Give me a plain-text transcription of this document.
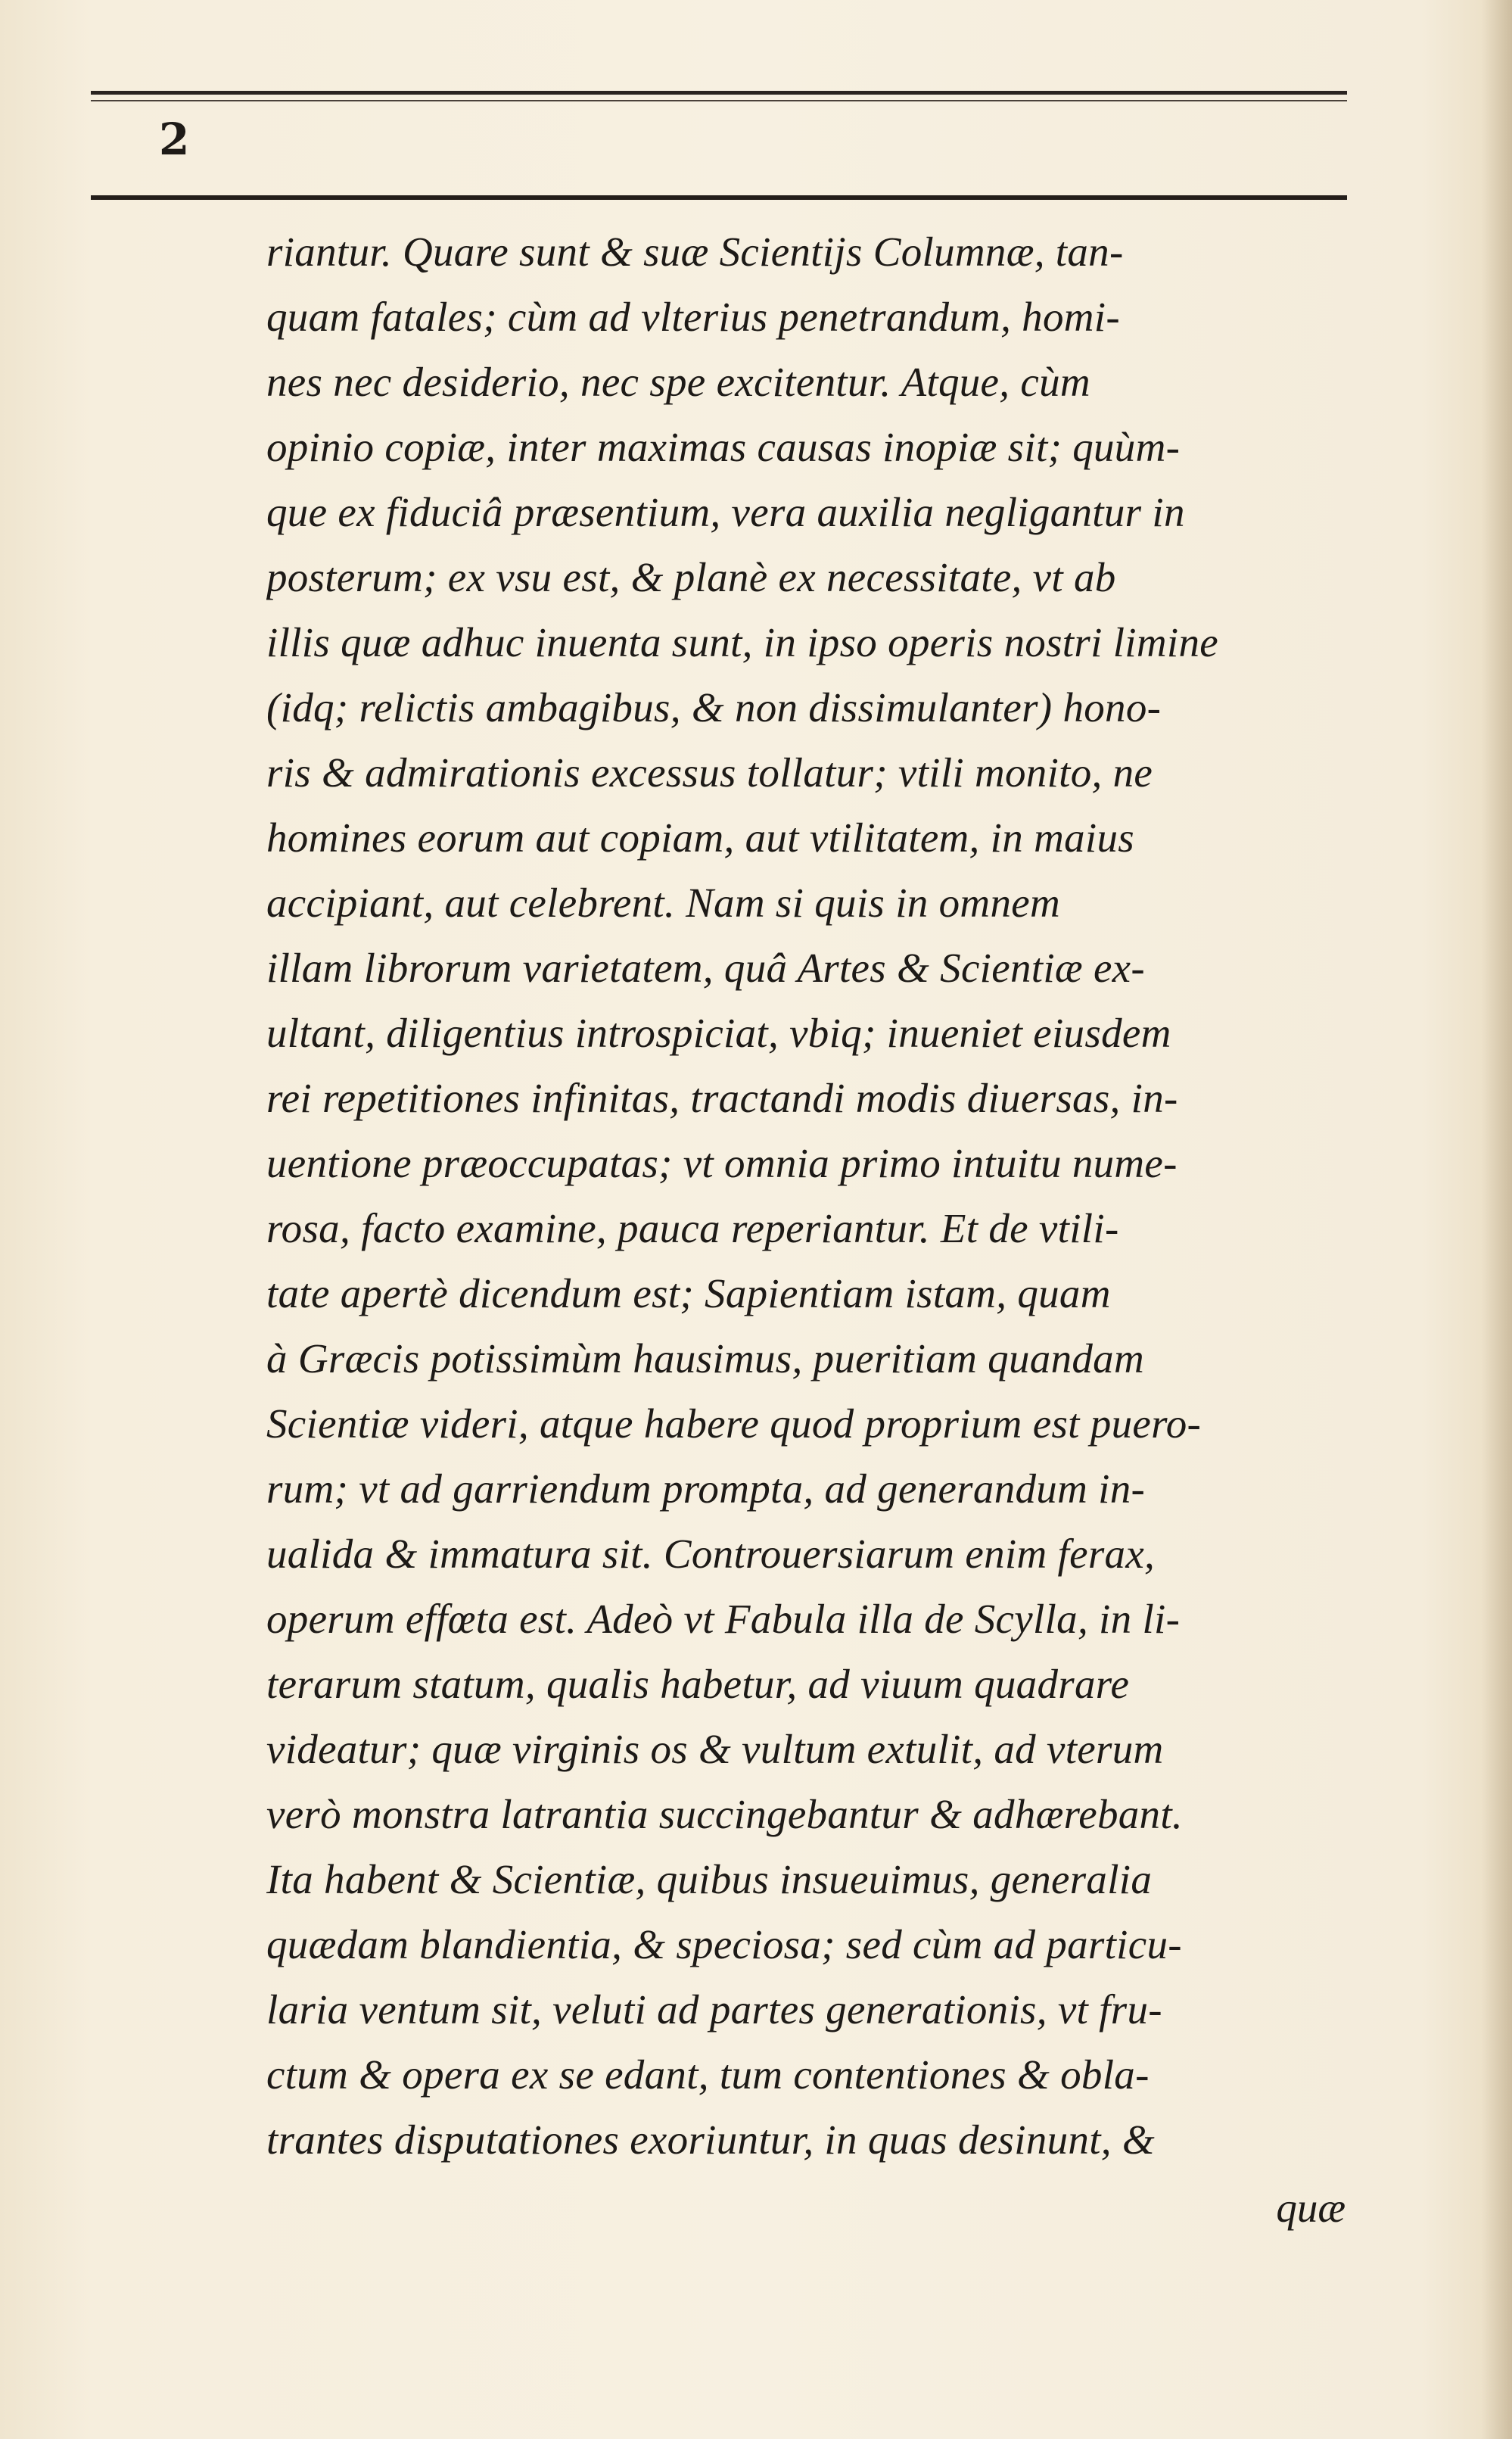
2
riantur. Quare sunt & suæ Scientijs Columnæ, tan-
quam fatales; cùm ad vlterius penetrandum, homi-
nes nec desiderio, nec spe excitentur. Atque, cùm
opinio copiæ, inter maximas causas inopiæ sit; quùm-
que ex fiduciâ præsentium, vera auxilia negligantur in
posterum; ex vsu est, & planè ex necessitate, vt ab
illis quæ adhuc inuenta sunt, in ipso operis nostri limine
(idq; relictis ambagibus, & non dissimulanter) hono-
ris & admirationis excessus tollatur; vtili monito, ne
homines eorum aut copiam, aut vtilitatem, in maius
accipiant, aut celebrent. Nam si quis in omnem
illam librorum varietatem, quâ Artes & Scientiæ ex-
ultant, diligentius introspiciat, vbiq; inueniet eiusdem
rei repetitiones infinitas, tractandi modis diuersas, in-
uentione præoccupatas; vt omnia primo intuitu nume-
rosa, facto examine, pauca reperiantur. Et de vtili-
tate apertè dicendum est; Sapientiam istam, quam
à Græcis potissimùm hausimus, pueritiam quandam
Scientiæ videri, atque habere quod proprium est puero-
rum; vt ad garriendum prompta, ad generandum in-
ualida & immatura sit. Controuersiarum enim ferax,
operum effœta est. Adeò vt Fabula illa de Scylla, in li-
terarum statum, qualis habetur, ad viuum quadrare
videatur; quæ virginis os & vultum extulit, ad vterum
verò monstra latrantia succingebantur & adhærebant.
Ita habent & Scientiæ, quibus insueuimus, generalia
quædam blandientia, & speciosa; sed cùm ad particu-
laria ventum sit, veluti ad partes generationis, vt fru-
ctum & opera ex se edant, tum contentiones & obla-
trantes disputationes exoriuntur, in quas desinunt, &
quæ
